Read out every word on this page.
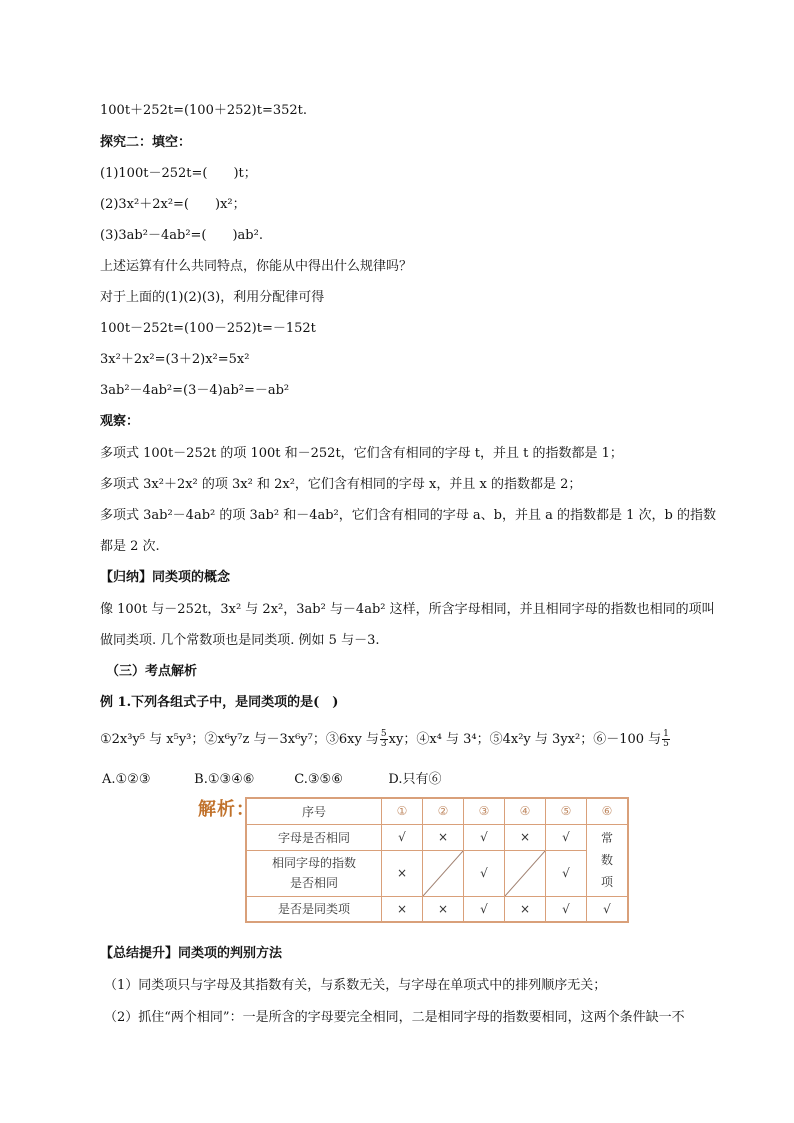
100t＋252t=(100＋252)t=352t.
探究二：填空：
(1)100t－252t=(　　)t；
(2)3x²＋2x²=(　　)x²；
(3)3ab²－4ab²=(　　)ab².
上述运算有什么共同特点，你能从中得出什么规律吗？
对于上面的(1)(2)(3)，利用分配律可得
100t－252t=(100－252)t=－152t
3x²＋2x²=(3＋2)x²=5x²
3ab²－4ab²=(3－4)ab²=－ab²
观察：
多项式 100t－252t 的项 100t 和－252t，它们含有相同的字母 t，并且 t 的指数都是 1；
多项式 3x²＋2x² 的项 3x² 和 2x²，它们含有相同的字母 x，并且 x 的指数都是 2；
多项式 3ab²－4ab² 的项 3ab² 和－4ab²，它们含有相同的字母 a、b，并且 a 的指数都是 1 次，b 的指数
都是 2 次.
【归纳】同类项的概念
像 100t 与－252t，3x² 与 2x²，3ab² 与－4ab² 这样，所含字母相同，并且相同字母的指数也相同的项叫
做同类项. 几个常数项也是同类项. 例如 5 与－3.
（三）考点解析
例 1.下列各组式子中，是同类项的是(　)
①2x³y⁵ 与 x⁵y³；②x⁶y⁷z 与－3x⁶y⁷；③6xy 与 $\frac{5}{3}$ xy；④x⁴ 与 3⁴；⑤4x²y 与 3yx²；⑥－100 与 $\frac{1}{5}$
A.①②③	B.①③④⑥	C.③⑤⑥	D.只有⑥
解析：	序号	①	②	③	④	⑤	⑥
字母是否相同	√	×	√	×	√	常数项

相同字母的指数
是否相同	×		√		√	
是否是同类项	×	×	√	×	√	√
【总结提升】同类项的判别方法
（1）同类项只与字母及其指数有关，与系数无关，与字母在单项式中的排列顺序无关；
（2）抓住“两个相同”：一是所含的字母要完全相同，二是相同字母的指数要相同，这两个条件缺一不
